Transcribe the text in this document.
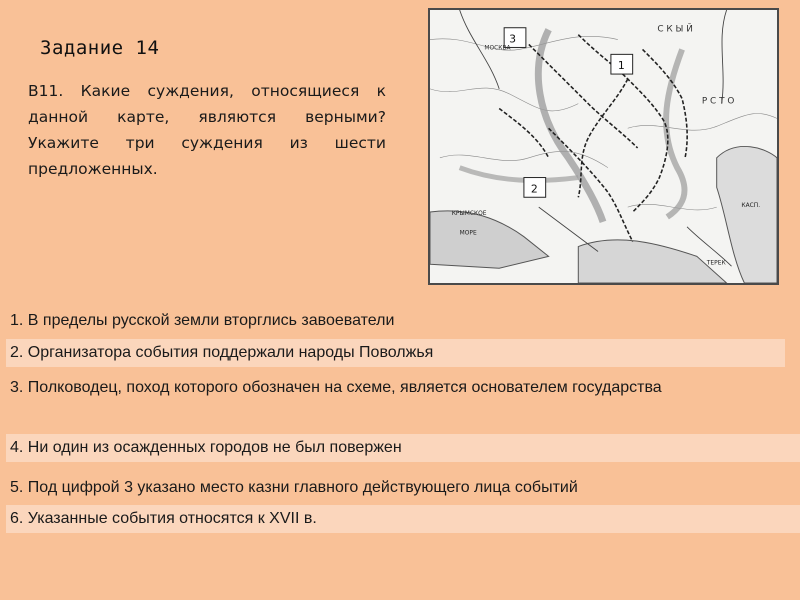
Задание 14
В11. Какие суждения, относящиеся к данной карте, являются верными? Укажите три суждения из шести предложенных.
3
1
2
С К Ы Й
МОСКВА
Р С Т О
КРЫМСКОЕ
МОРЕ
ТЕРЕК
КАСП.
1. В пределы русской земли вторглись завоеватели
2. Организатора события поддержали народы Поволжья
3. Полководец, поход которого обозначен на схеме, является основателем государства
4. Ни один из осажденных городов не был повержен
5. Под цифрой 3 указано место казни главного действующего лица событий
6. Указанные события относятся к XVII в.
